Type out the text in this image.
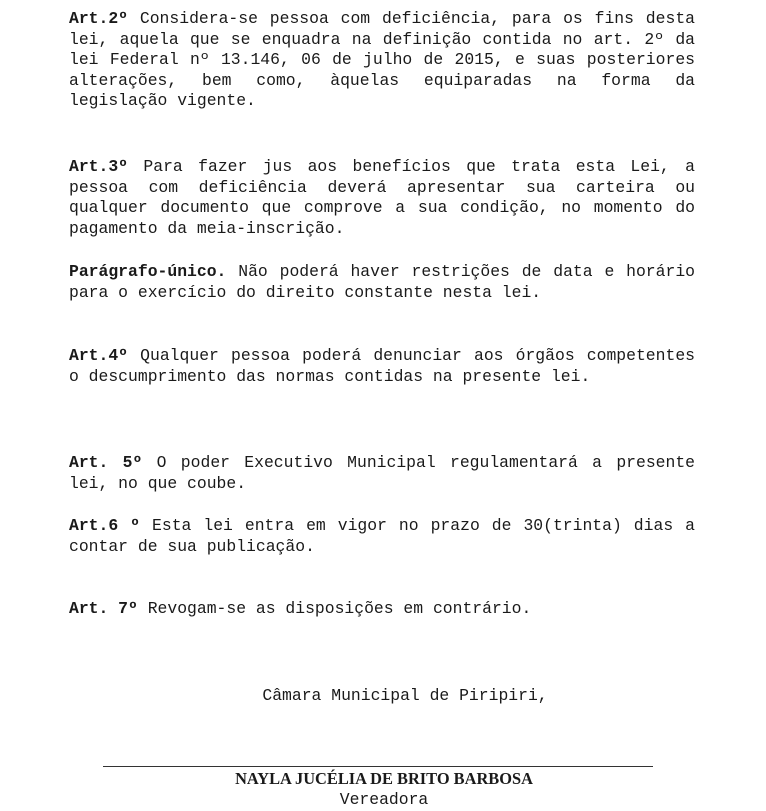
Art.2º Considera-se pessoa com deficiência, para os fins desta lei, aquela que se enquadra na definição contida no art. 2º da lei Federal nº 13.146, 06 de julho de 2015, e suas posteriores alterações, bem como, àquelas equiparadas na forma da legislação vigente.

Art.3º Para fazer jus aos benefícios que trata esta Lei, a pessoa com deficiência deverá apresentar sua carteira ou qualquer documento que comprove a sua condição, no momento do pagamento da meia-inscrição.

Parágrafo-único. Não poderá haver restrições de data e horário para o exercício do direito constante nesta lei.

Art.4º Qualquer pessoa poderá denunciar aos órgãos competentes o descumprimento das normas contidas na presente lei.

Art. 5º O poder Executivo Municipal regulamentará a presente lei, no que coube.

Art.6 º Esta lei entra em vigor no prazo de 30(trinta) dias a contar de sua publicação.

Art. 7º Revogam-se as disposições em contrário.

Câmara Municipal de Piripiri,
NAYLA JUCÉLIA DE BRITO BARBOSA
Vereadora
